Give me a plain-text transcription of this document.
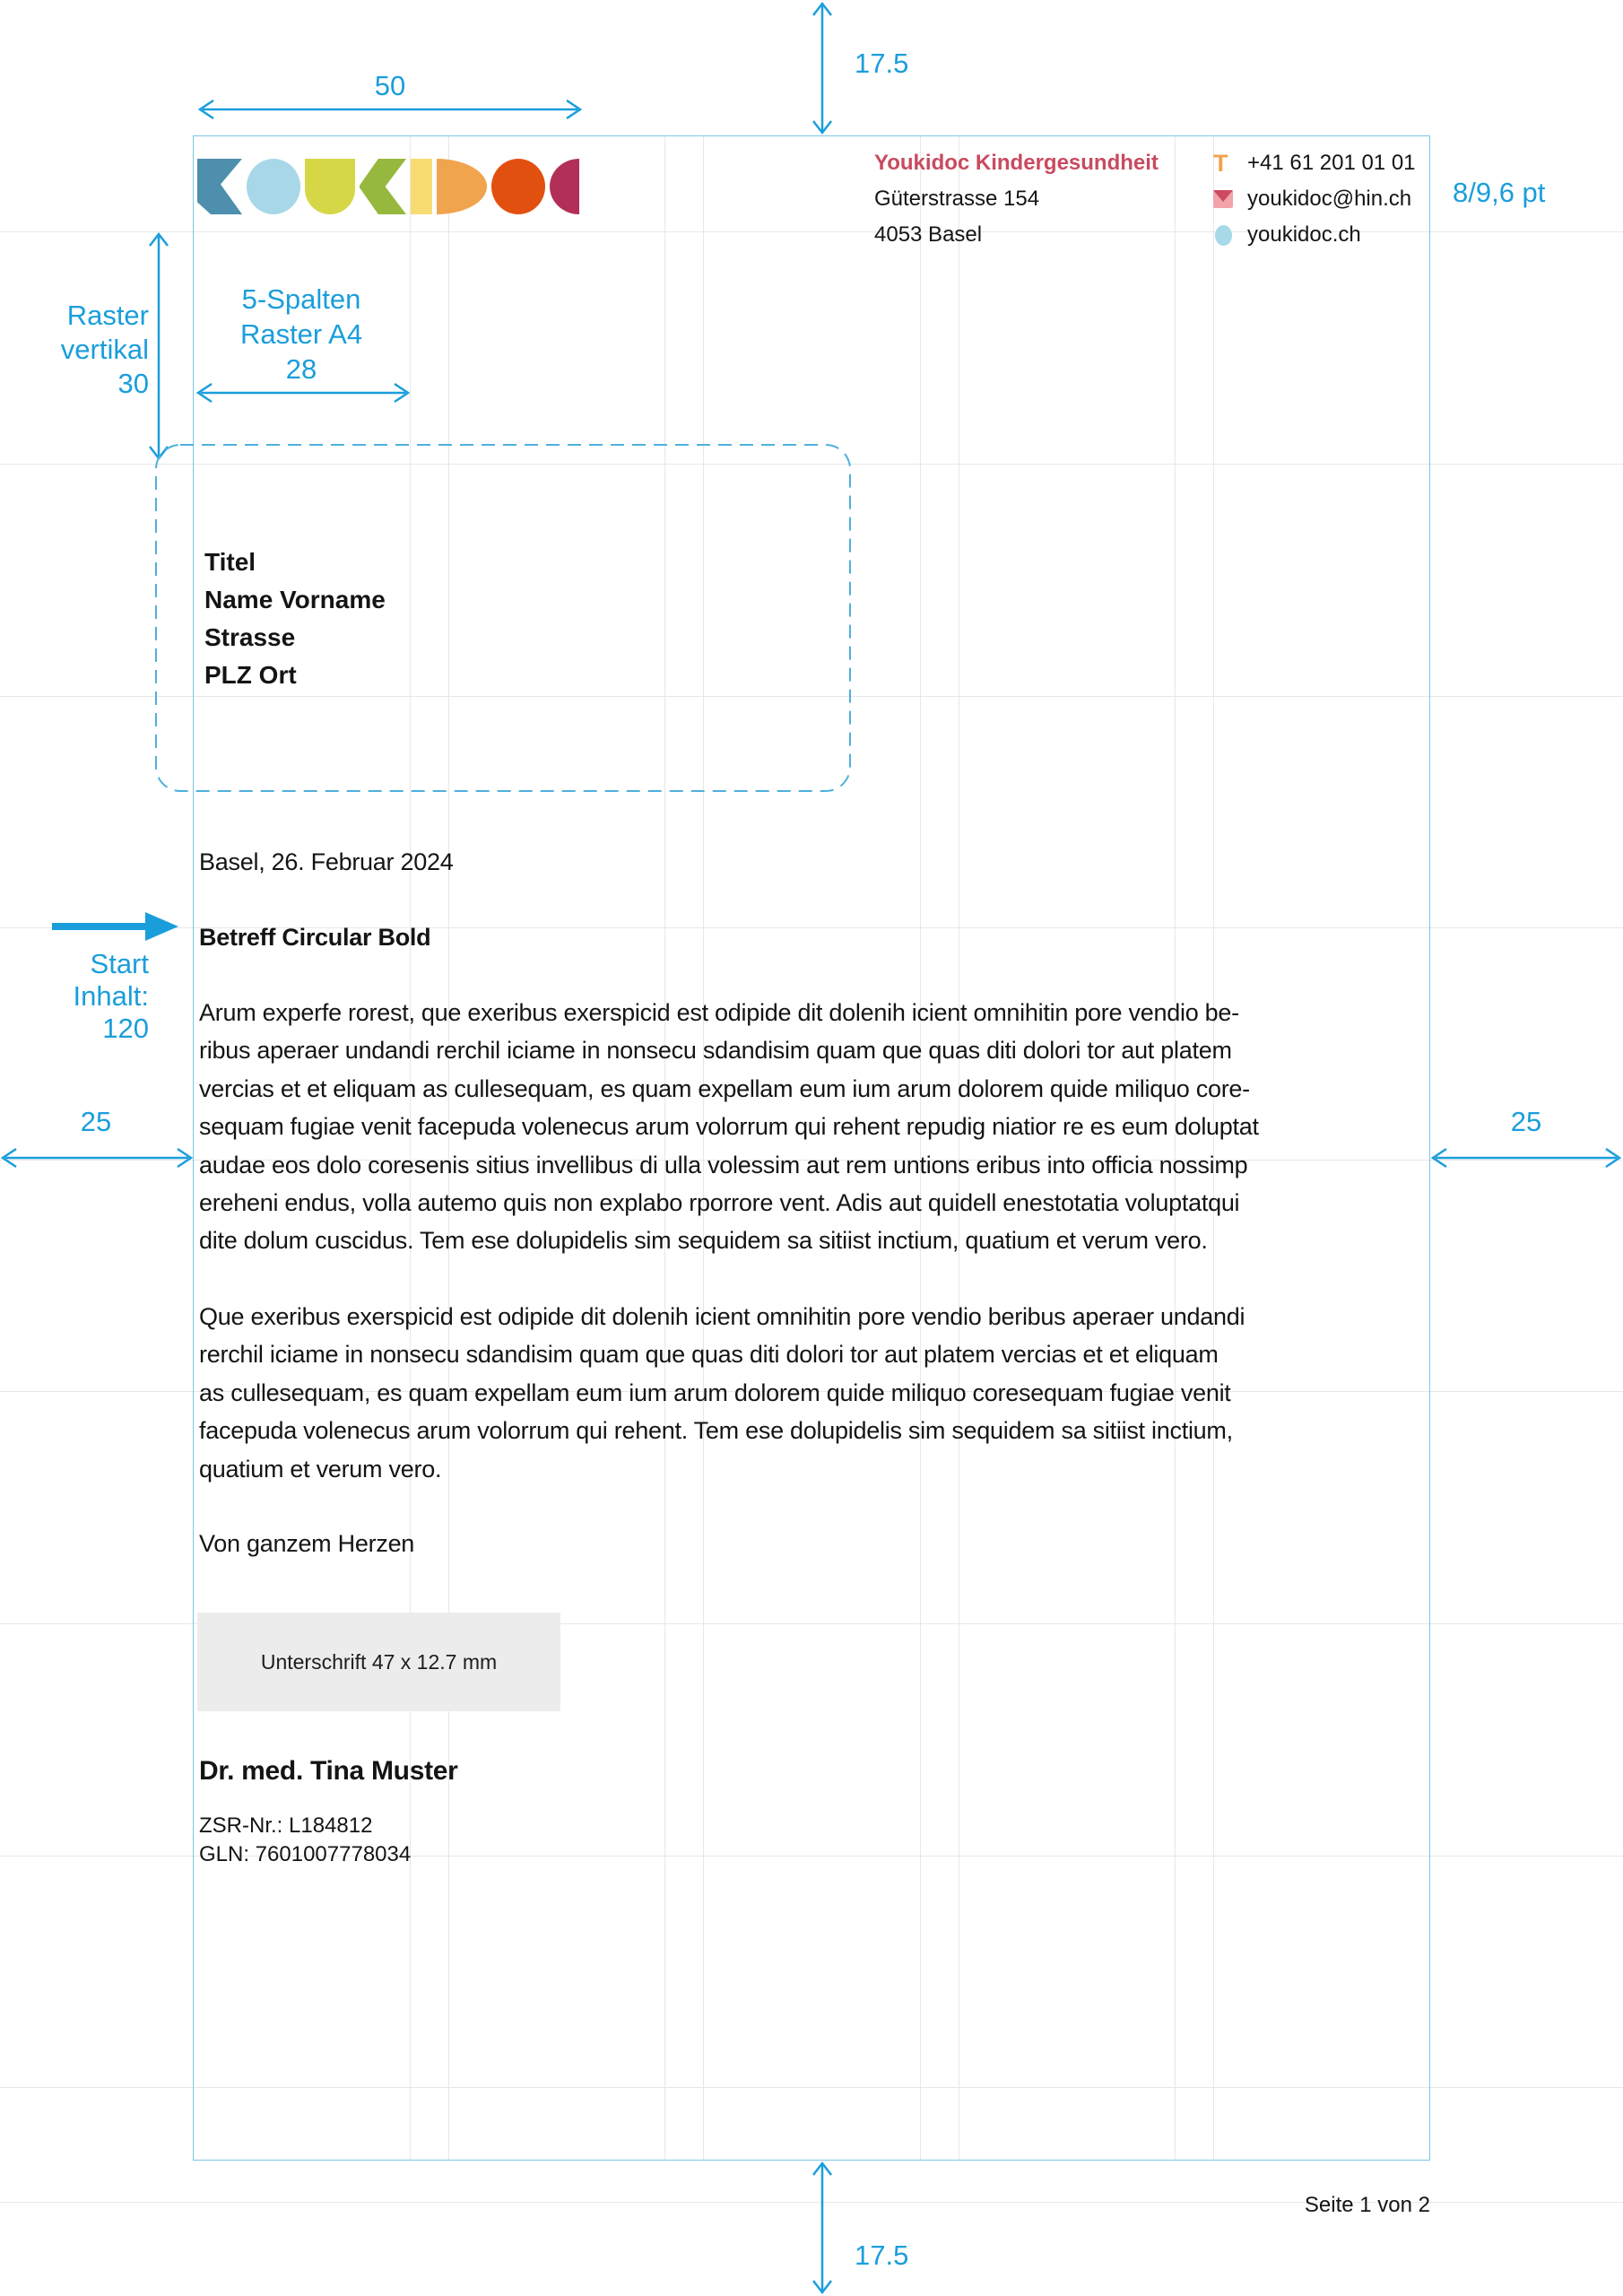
Youkidoc Kindergesundheit
Güterstrasse 154
4053 Basel
T +41 61 201 01 01
youkidoc@hin.ch
youkidoc.ch
50
17.5
8/9,6 pt
Raster
vertikal
30
5-Spalten
Raster A4
28
Start
Inhalt:
120
25	25
17.5
Titel
Name Vorname
Strasse
PLZ Ort
Basel, 26. Februar 2024
Betreff Circular Bold
Arum experfe rorest, que exeribus exerspicid est odipide dit dolenih icient omnihitin pore vendio be-
ribus aperaer undandi rerchil iciame in nonsecu sdandisim quam que quas diti dolori tor aut platem
vercias et et eliquam as cullesequam, es quam expellam eum ium arum dolorem quide miliquo core-
sequam fugiae venit facepuda volenecus arum volorrum qui rehent repudig niatior re es eum doluptat
audae eos dolo coresenis sitius invellibus di ulla volessim aut rem untions eribus into officia nossimp
ereheni endus, volla autemo quis non explabo rporrore vent. Adis aut quidell enestotatia voluptatqui
dite dolum cuscidus. Tem ese dolupidelis sim sequidem sa sitiist inctium, quatium et verum vero.
Que exeribus exerspicid est odipide dit dolenih icient omnihitin pore vendio beribus aperaer undandi
rerchil iciame in nonsecu sdandisim quam que quas diti dolori tor aut platem vercias et et eliquam
as cullesequam, es quam expellam eum ium arum dolorem quide miliquo coresequam fugiae venit
facepuda volenecus arum volorrum qui rehent. Tem ese dolupidelis sim sequidem sa sitiist inctium,
quatium et verum vero.
Von ganzem Herzen
Unterschrift 47 x 12.7 mm
Dr. med. Tina Muster
ZSR-Nr.: L184812
GLN: 7601007778034
Seite 1 von 2
